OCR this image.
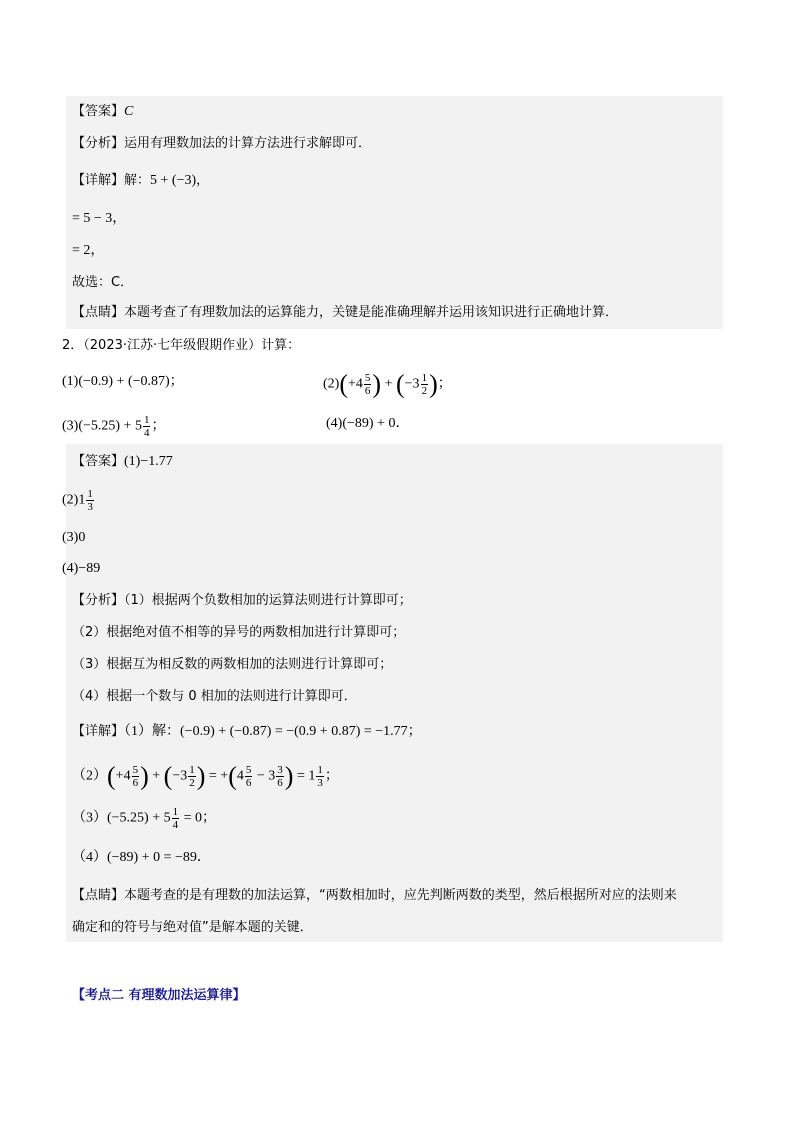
【答案】C
【分析】运用有理数加法的计算方法进行求解即可．
【详解】解：5 + (−3)，
= 5 − 3，
= 2，
故选：C．
【点睛】本题考查了有理数加法的运算能力，关键是能准确理解并运用该知识进行正确地计算．
2．（2023·江苏·七年级假期作业）计算：
(1)(−0.9) + (−0.87)；	$(2)(+4 \frac{5}{6}$ ) + ($-3 \frac{1}{2}$ )；
$(3)(-5.25) + 5 \frac{1}{4}$ ；	(4)(−89) + 0．
【答案】(1)−1.77
$(2)1 \frac{1}{3}$
(3)0
(4)−89
【分析】（1）根据两个负数相加的运算法则进行计算即可；
（2）根据绝对值不相等的异号的两数相加进行计算即可；
（3）根据互为相反数的两数相加的法则进行计算即可；
（4）根据一个数与 0 相加的法则进行计算即可．
【详解】（1）解：(−0.9) + (−0.87) = −(0.9 + 0.87) = −1.77；
$(2)(+4 \frac{5}{6}$ ) + ($-3 \frac{1}{2}$ ) = $+(4 \frac{5}{6} - 3 \frac{3}{6}$ ) = $1 \frac{1}{3}$ ；
$(3)(-5.25) + 5 \frac{1}{4} = 0$；
（4）(−89) + 0 = −89．
【点睛】本题考查的是有理数的加法运算，“两数相加时，应先判断两数的类型，然后根据所对应的法则来
确定和的符号与绝对值”是解本题的关键．
【考点二 有理数加法运算律】
